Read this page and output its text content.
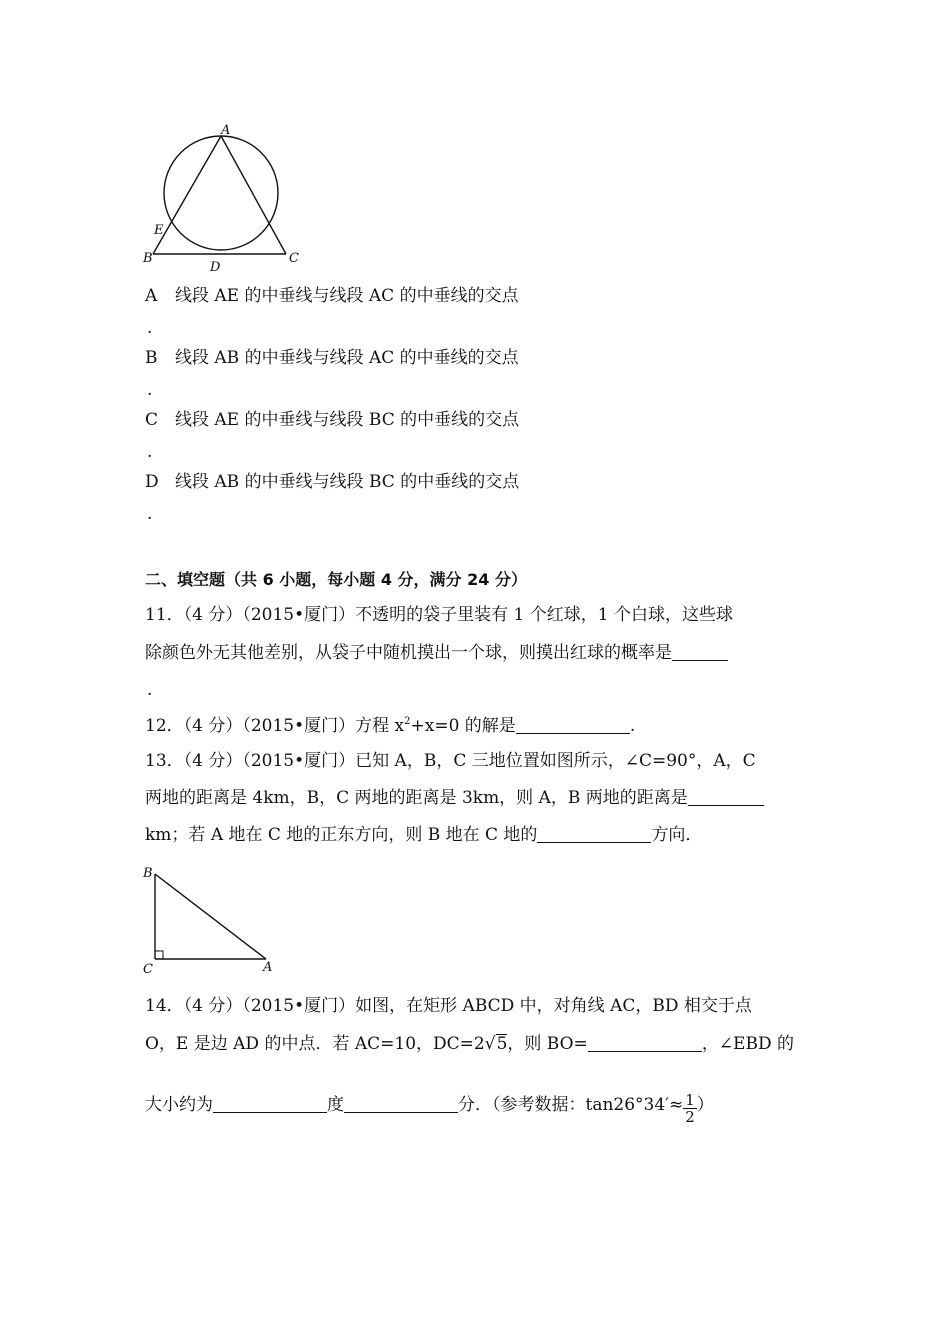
A
E
B
D
C
A 线段 AE 的中垂线与线段 AC 的中垂线的交点
.
B 线段 AB 的中垂线与线段 AC 的中垂线的交点
.
C 线段 AE 的中垂线与线段 BC 的中垂线的交点
.
D 线段 AB 的中垂线与线段 BC 的中垂线的交点
.
二、填空题（共 6 小题，每小题 4 分，满分 24 分）
11．（4 分）（2015•厦门）不透明的袋子里装有 1 个红球，1 个白球，这些球
除颜色外无其他差别，从袋子中随机摸出一个球，则摸出红球的概率是
.
12．（4 分）（2015•厦门）方程 $x^2+x=0$ 的解是	.
13．（4 分）（2015•厦门）已知 A，B，C 三地位置如图所示，∠C=90°，A，C
两地的距离是 4km，B，C 两地的距离是 3km，则 A，B 两地的距离是
km；若 A 地在 C 地的正东方向，则 B 地在 C 地的	方向．
B
C	A
14．（4 分）（2015•厦门）如图，在矩形 ABCD 中，对角线 AC，BD 相交于点
O，E 是边 AD 的中点．若 AC=10，DC=2√5，则 BO=	，∠EBD 的
大小约为	度	分．（参考数据：$\tan 26^\circ 34'\approx \frac{1}{2}$ ）
